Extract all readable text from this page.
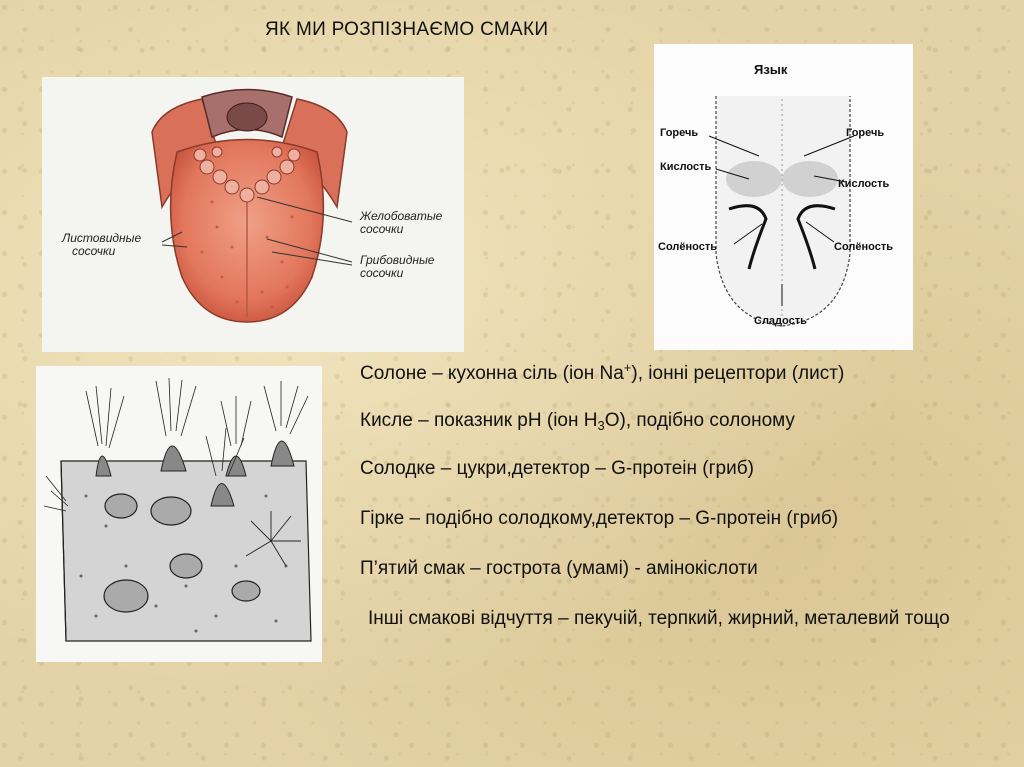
ЯК МИ РОЗПІЗНАЄМО СМАКИ
Листовидные
сосочки
Желобоватые
сосочки
Грибовидные
сосочки
Язык
Горечь	Горечь
Кислость
Кислость
Солёность	Солёность
Сладость
Солоне – кухонна сіль (іон Na+), іонні рецептори (лист)
Кисле – показник pH (іон $H_3O$), подібно солоному
Солодке – цукри,детектор – G-протеін (гриб)
Гірке – подібно солодкому,детектор – G-протеін (гриб)
П’ятий смак – гострота (умамі) - амінокіслоти
Інші смакові відчуття – пекучій, терпкий, жирний, металевий тощо
